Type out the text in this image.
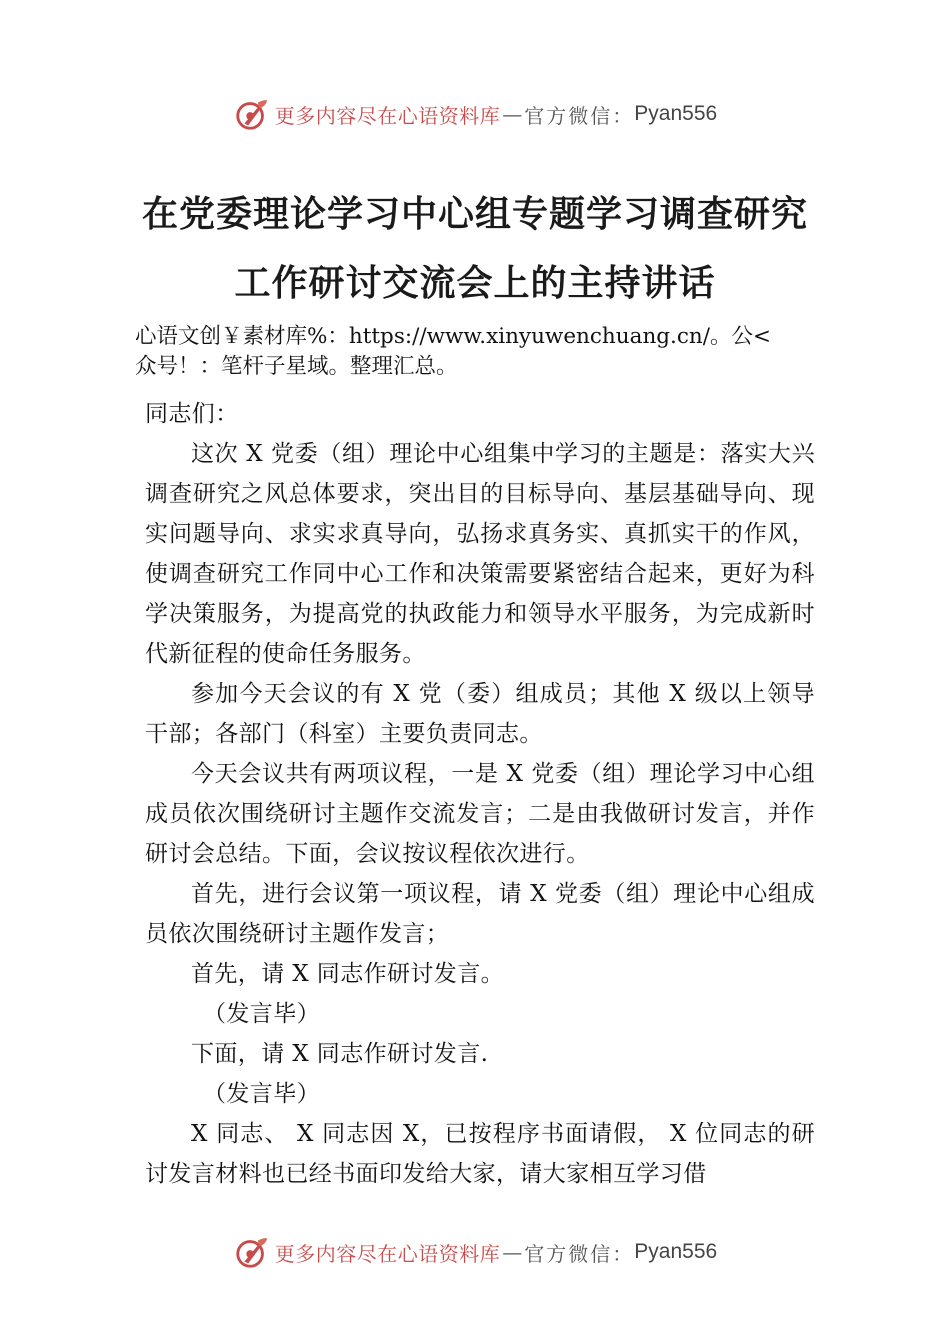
更多内容尽在心语资料库 — 官方微信： Pyan556
在党委理论学习中心组专题学习调查研究
工作研讨交流会上的主持讲话
心语文创￥素材库%：https://www.xinyuwenchuang.cn/。公<
众号！：笔杆子星域。整理汇总。

同志们：

这次 X 党委（组）理论中心组集中学习的主题是：落实大兴调查研究之风总体要求，突出目的目标导向、基层基础导向、现实问题导向、求实求真导向，弘扬求真务实、真抓实干的作风，使调查研究工作同中心工作和决策需要紧密结合起来，更好为科学决策服务，为提高党的执政能力和领导水平服务，为完成新时代新征程的使命任务服务。

参加今天会议的有 X 党（委）组成员；其他 X 级以上领导干部；各部门（科室）主要负责同志。

今天会议共有两项议程，一是 X 党委（组）理论学习中心组成员依次围绕研讨主题作交流发言；二是由我做研讨发言，并作研讨会总结。下面，会议按议程依次进行。

首先，进行会议第一项议程，请 X 党委（组）理论中心组成员依次围绕研讨主题作发言；

首先，请 X 同志作研讨发言。

（发言毕）

下面，请 X 同志作研讨发言.

（发言毕）

X 同志、 X 同志因 X，已按程序书面请假， X 位同志的研讨发言材料也已经书面印发给大家，请大家相互学习借

更多内容尽在心语资料库 — 官方微信： Pyan556
